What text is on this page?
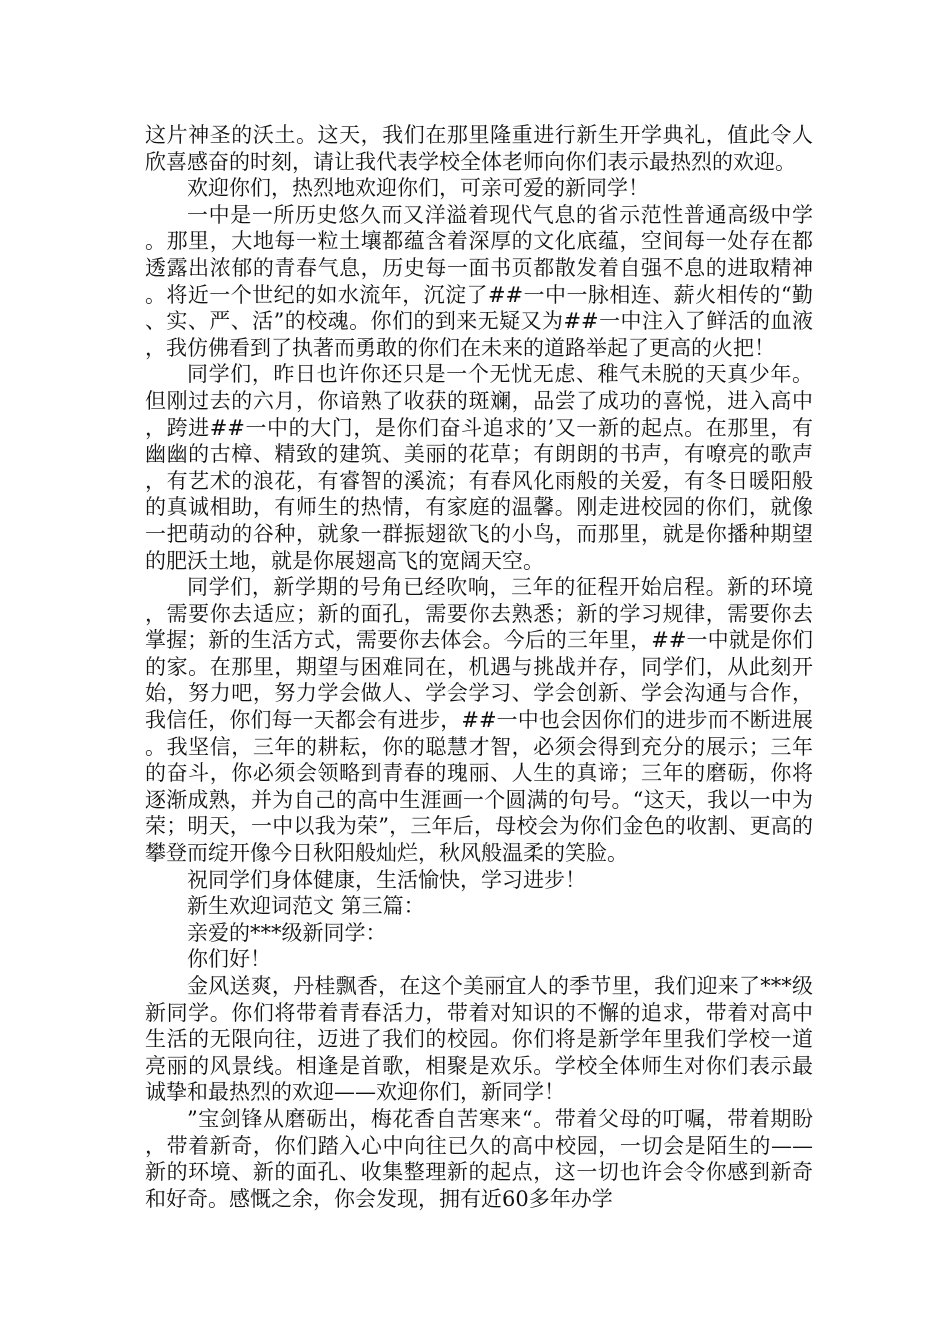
这片神圣的沃土。这天，我们在那里隆重进行新生开学典礼，值此令人欣喜感奋的时刻，请让我代表学校全体老师向你们表示最热烈的欢迎。

欢迎你们，热烈地欢迎你们，可亲可爱的新同学！

一中是一所历史悠久而又洋溢着现代气息的省示范性普通高级中学。那里，大地每一粒土壤都蕴含着深厚的文化底蕴，空间每一处存在都透露出浓郁的青春气息，历史每一面书页都散发着自强不息的进取精神。将近一个世纪的如水流年，沉淀了##一中一脉相连、薪火相传的“勤、实、严、活”的校魂。你们的到来无疑又为##一中注入了鲜活的血液，我仿佛看到了执著而勇敢的你们在未来的道路举起了更高的火把！

同学们，昨日也许你还只是一个无忧无虑、稚气未脱的天真少年。但刚过去的六月，你谙熟了收获的斑斓，品尝了成功的喜悦，进入高中，跨进##一中的大门，是你们奋斗追求的’又一新的起点。在那里，有幽幽的古樟、精致的建筑、美丽的花草；有朗朗的书声，有嘹亮的歌声，有艺术的浪花，有睿智的溪流；有春风化雨般的关爱，有冬日暖阳般的真诚相助，有师生的热情，有家庭的温馨。刚走进校园的你们，就像一把萌动的谷种，就象一群振翅欲飞的小鸟，而那里，就是你播种期望的肥沃土地，就是你展翅高飞的宽阔天空。

同学们，新学期的号角已经吹响，三年的征程开始启程。新的环境，需要你去适应；新的面孔，需要你去熟悉；新的学习规律，需要你去掌握；新的生活方式，需要你去体会。今后的三年里，##一中就是你们的家。在那里，期望与困难同在，机遇与挑战并存，同学们，从此刻开始，努力吧，努力学会做人、学会学习、学会创新、学会沟通与合作，我信任，你们每一天都会有进步，##一中也会因你们的进步而不断进展。我坚信，三年的耕耘，你的聪慧才智，必须会得到充分的展示；三年的奋斗，你必须会领略到青春的瑰丽、人生的真谛；三年的磨砺，你将逐渐成熟，并为自己的高中生涯画一个圆满的句号。“这天，我以一中为荣；明天，一中以我为荣”，三年后，母校会为你们金色的收割、更高的攀登而绽开像今日秋阳般灿烂，秋风般温柔的笑脸。

祝同学们身体健康，生活愉快，学习进步！

新生欢迎词范文 第三篇：

亲爱的***级新同学：

你们好！

金风送爽，丹桂飘香，在这个美丽宜人的季节里，我们迎来了***级新同学。你们将带着青春活力，带着对知识的不懈的追求，带着对高中生活的无限向往，迈进了我们的校园。你们将是新学年里我们学校一道亮丽的风景线。相逢是首歌，相聚是欢乐。学校全体师生对你们表示最诚挚和最热烈的欢迎——欢迎你们，新同学！

”宝剑锋从磨砺出，梅花香自苦寒来“。带着父母的叮嘱，带着期盼，带着新奇，你们踏入心中向往已久的高中校园，一切会是陌生的——新的环境、新的面孔、收集整理新的起点，这一切也许会令你感到新奇和好奇。感慨之余，你会发现，拥有近60多年办学
